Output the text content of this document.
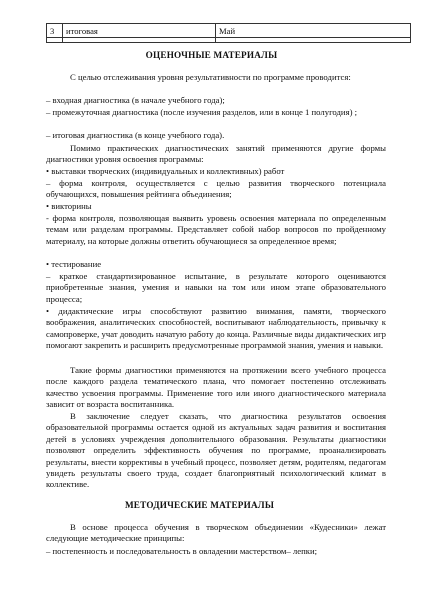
3	итоговая	Май

ОЦЕНОЧНЫЕ МАТЕРИАЛЫ
С целью отслеживания уровня результативности по программе проводится:
– входная диагностика (в начале учебного года);
– промежуточная диагностика (после изучения разделов, или в конце 1 полугодия) ;
– итоговая диагностика (в конце учебного года).
Помимо практических диагностических занятий применяются другие формы диагностики уровня освоения программы:
• выставки творческих (индивидуальных и коллективных) работ
– форма контроля, осуществляется с целью развития творческого потенциала обучающихся, повышения рейтинга объединения;
• викторины
- форма контроля, позволяющая выявить уровень освоения материала по определенным темам или разделам программы. Представляет собой набор вопросов по пройденному материалу, на которые должны ответить обучающиеся за определенное время;
• тестирование
– краткое стандартизированное испытание, в результате которого оцениваются приобретенные знания, умения и навыки на том или ином этапе образовательного процесса;
• дидактические игры способствуют развитию внимания, памяти, творческого воображения, аналитических способностей, воспитывают наблюдательность, привычку к самопроверке, учат доводить начатую работу до конца. Различные виды дидактических игр помогают закрепить и расширить предусмотренные программой знания, умения и навыки.
Такие формы диагностики применяются на протяжении всего учебного процесса после каждого раздела тематического плана, что помогает постепенно отслеживать качество усвоения программы. Применение того или иного диагностического материала зависит от возраста воспитанника.
В заключение следует сказать, что диагностика результатов освоения образовательной программы остается одной из актуальных задач развития и воспитания детей в условиях учреждения дополнительного образования. Результаты диагностики позволяют определить эффективность обучения по программе, проанализировать результаты, внести коррективы в учебный процесс, позволяет детям, родителям, педагогам увидеть результаты своего труда, создает благоприятный психологический климат в коллективе.
МЕТОДИЧЕСКИЕ МАТЕРИАЛЫ
В основе процесса обучения в творческом объединении «Кудесники» лежат следующие методические принципы:
– постепенность и последовательность в овладении мастерством– лепки;
